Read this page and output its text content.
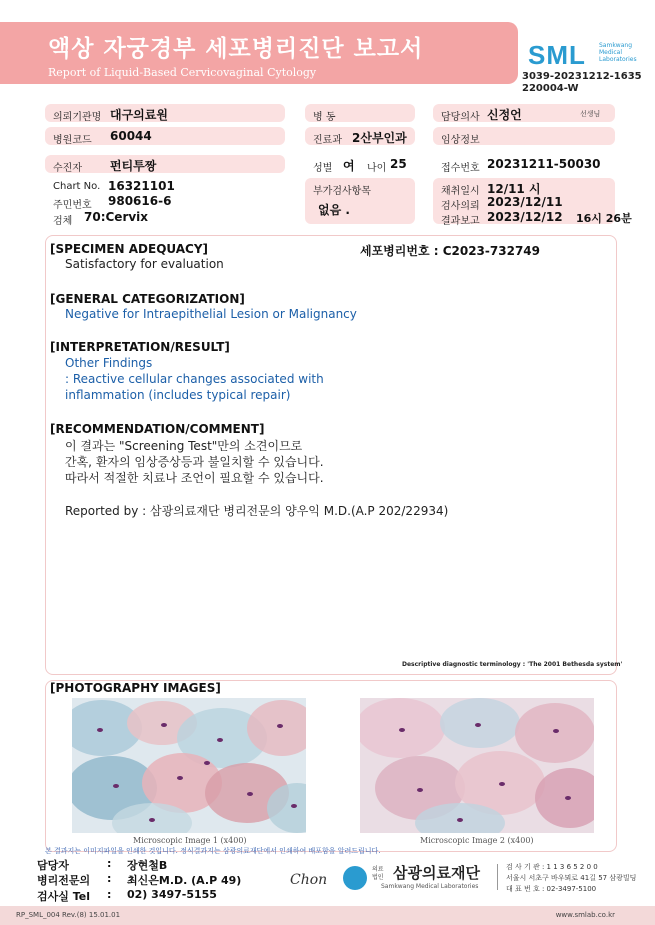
액상 자궁경부 세포병리진단 보고서
Report of Liquid-Based Cervicovaginal Cytology
SML Samkwang
Medical
Laboratories
3039-20231212-1635
220004-W
의뢰기관명 대구의료원	병 동	담당의사 신정언	선생님
병원코드 60044	진료과 2산부인과	임상정보
수진자 펀티투짱	성별 여 나이 25	접수번호 20231211-50030
Chart No. 16321101
주민번호 980616-6
검체 70:Cervix
부가검사항목
없음 .
채취일시 12/11 시
검사의뢰 2023/12/11
결과보고 2023/12/12 16시 26분
[SPECIMEN ADEQUACY]	세포병리번호 : C2023-732749
Satisfactory for evaluation
[GENERAL CATEGORIZATION]
Negative for Intraepithelial Lesion or Malignancy
[INTERPRETATION/RESULT]
Other Findings
: Reactive cellular changes associated with
inflammation (includes typical repair)
[RECOMMENDATION/COMMENT]
이 결과는 "Screening Test"만의 소견이므로
간혹, 환자의 임상증상등과 불일치할 수 있습니다.
따라서 적절한 치료나 조언이 필요할 수 있습니다.
Reported by : 삼광의료재단 병리전문의 양우익 M.D.(A.P 202/22934)
Descriptive diagnostic terminology : 'The 2001 Bethesda system'
[PHOTOGRAPHY IMAGES]
Microscopic Image 1 (x400)	Microscopic Image 2 (x400)
본 결과지는 이미지파일을 인쇄한 것입니다. 정식결과지는 삼광의료재단에서 인쇄하여 배포함을 알려드립니다.
담당자	: 장현철B
병리전문의 : 최신은M.D. (A.P 49)
검사실 Tel : 02) 3497-5155
Chon
의료
법인 삼광의료재단
Samkwang Medical Laboratories
검 사 기 관 : 1 1 3 6 5 2 0 0
서울시 서초구 바우뫼로 41길 57 삼광빌딩
대 표 번 호 : 02-3497-5100
RP_SML_004 Rev.(8) 15.01.01	www.smlab.co.kr
